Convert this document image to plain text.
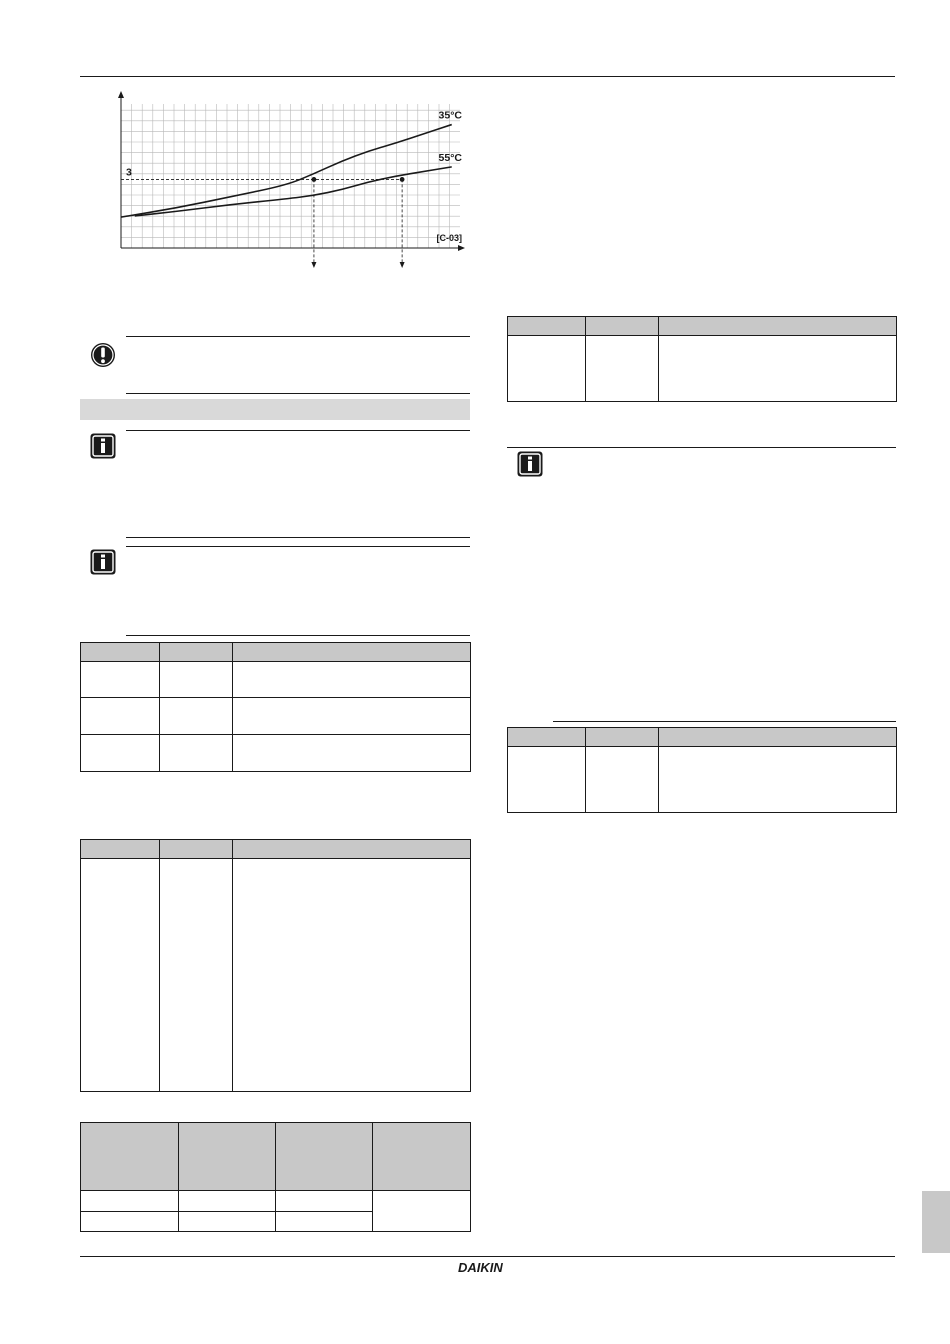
35°C
55°C
3
[C-03]

DAIKIN
